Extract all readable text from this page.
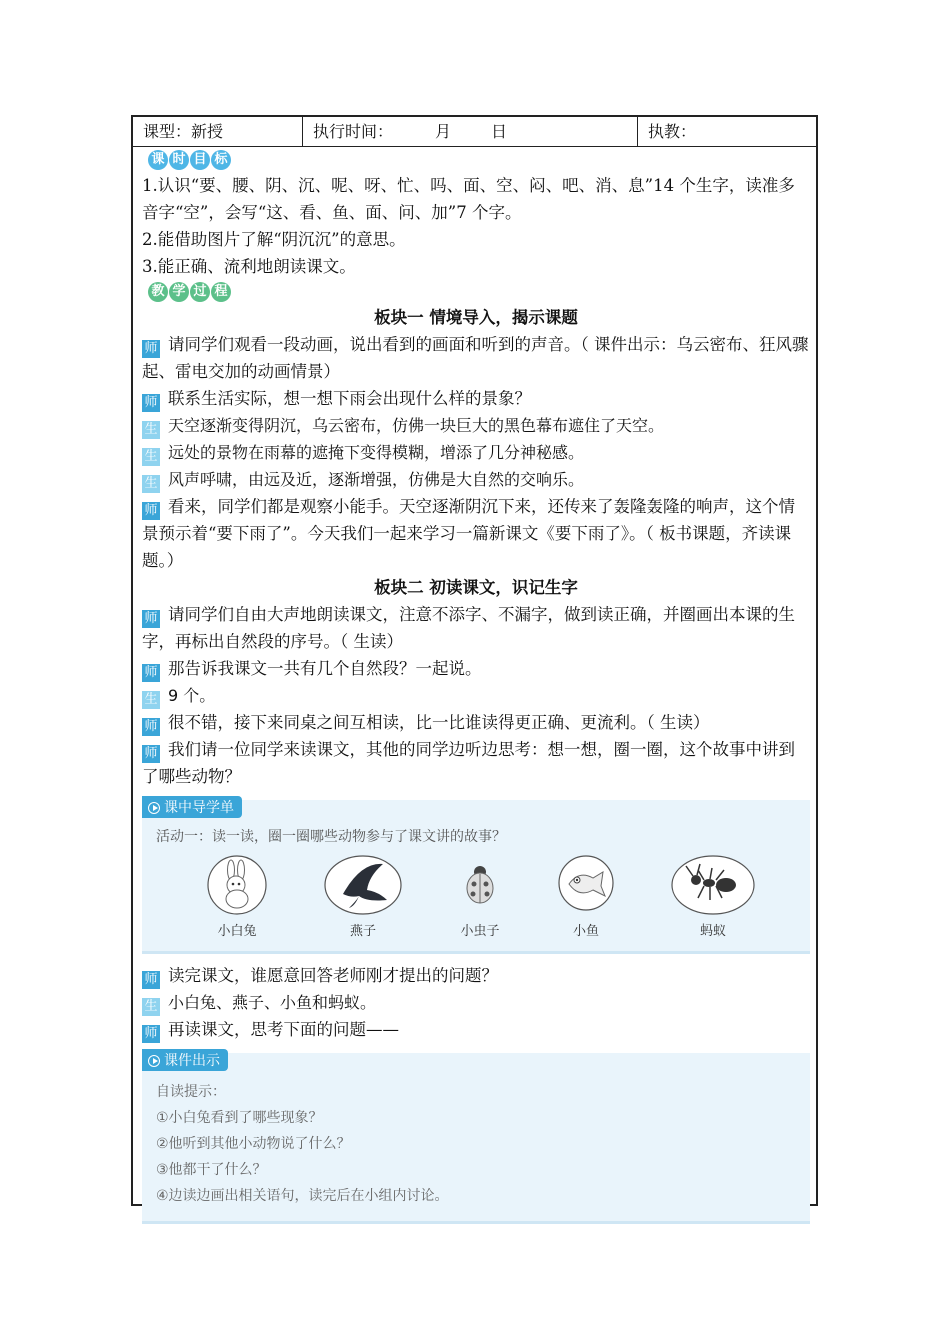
课型：新授	执行时间：	月	日	执教：
课 时 目 标

1.认识“要、腰、阴、沉、呢、呀、忙、吗、面、空、闷、吧、消、息”14 个生字，读准多音字“空”，会写“这、看、鱼、面、问、加”7 个字。

2.能借助图片了解“阴沉沉”的意思。

3.能正确、流利地朗读课文。

教 学 过 程

板块一 情境导入，揭示课题

师 请同学们观看一段动画，说出看到的画面和听到的声音。（ 课件出示：乌云密布、狂风骤起、雷电交加的动画情景）

师 联系生活实际，想一想下雨会出现什么样的景象？

生 天空逐渐变得阴沉，乌云密布，仿佛一块巨大的黑色幕布遮住了天空。

生 远处的景物在雨幕的遮掩下变得模糊，增添了几分神秘感。

生 风声呼啸，由远及近，逐渐增强，仿佛是大自然的交响乐。

师 看来，同学们都是观察小能手。天空逐渐阴沉下来，还传来了轰隆轰隆的响声，这个情景预示着“要下雨了”。今天我们一起来学习一篇新课文《要下雨了》。（ 板书课题，齐读课题。）

板块二 初读课文，识记生字

师 请同学们自由大声地朗读课文，注意不添字、不漏字，做到读正确，并圈画出本课的生字，再标出自然段的序号。（ 生读）

师 那告诉我课文一共有几个自然段？一起说。

生 9 个。

师 很不错，接下来同桌之间互相读，比一比谁读得更正确、更流利。（ 生读）

师 我们请一位同学来读课文，其他的同学边听边思考：想一想，圈一圈，这个故事中讲到了哪些动物？

课中导学单
活动一：读一读，圈一圈哪些动物参与了课文讲的故事？
小白兔	燕子	小虫子	小鱼	蚂蚁

师 读完课文，谁愿意回答老师刚才提出的问题？

生 小白兔、燕子、小鱼和蚂蚁。

师 再读课文，思考下面的问题——

课件出示
自读提示：
①小白兔看到了哪些现象？
②他听到其他小动物说了什么？
③他都干了什么？
④边读边画出相关语句，读完后在小组内讨论。
